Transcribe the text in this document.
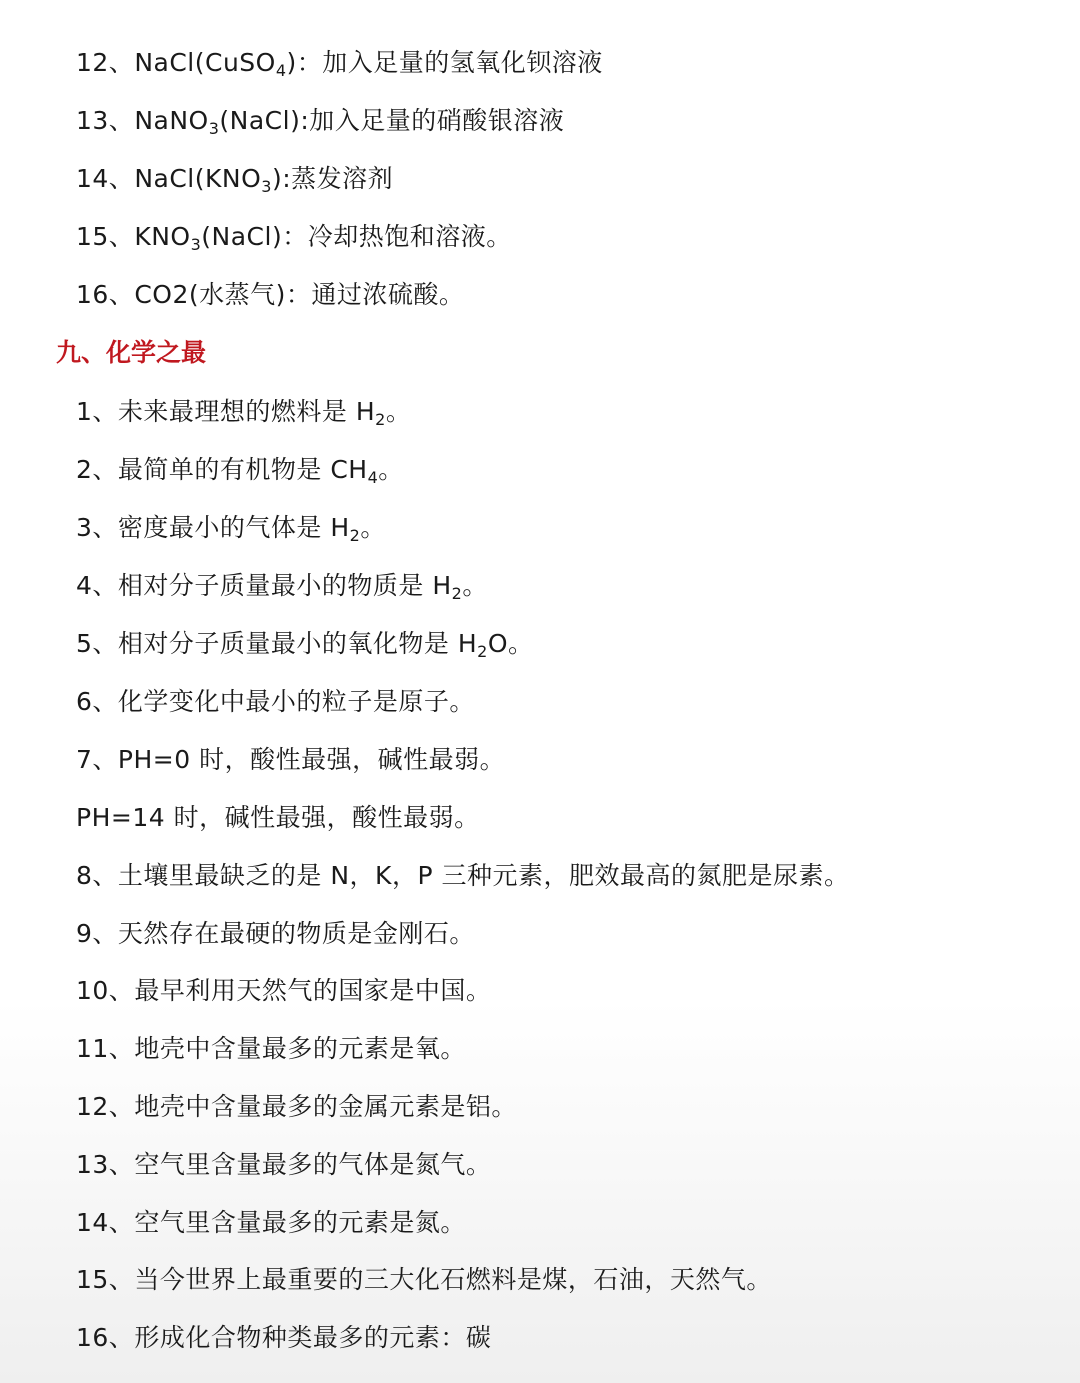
12、NaCl(CuSO$_4$)：加入足量的氢氧化钡溶液
13、NaNO$_3$(NaCl):加入足量的硝酸银溶液
14、$NaCl(KNO_3)$:蒸发溶剂
15、$KNO_3(NaCl)$：冷却热饱和溶液。
16、CO2(水蒸气)：通过浓硫酸。
九、化学之最
1、未来最理想的燃料是 $H_2$。
2、最简单的有机物是 $CH_4$。
3、密度最小的气体是 $H_2$。
4、相对分子质量最小的物质是 $H_2$。
5、相对分子质量最小的氧化物是 $H_2O$。
6、化学变化中最小的粒子是原子。
7、PH=0 时，酸性最强，碱性最弱。
PH=14 时，碱性最强，酸性最弱。
8、土壤里最缺乏的是 N，K，P 三种元素，肥效最高的氮肥是尿素。
9、天然存在最硬的物质是金刚石。
10、最早利用天然气的国家是中国。
11、地壳中含量最多的元素是氧。
12、地壳中含量最多的金属元素是铝。
13、空气里含量最多的气体是氮气。
14、空气里含量最多的元素是氮。
15、当今世界上最重要的三大化石燃料是煤，石油，天然气。
16、形成化合物种类最多的元素：碳
